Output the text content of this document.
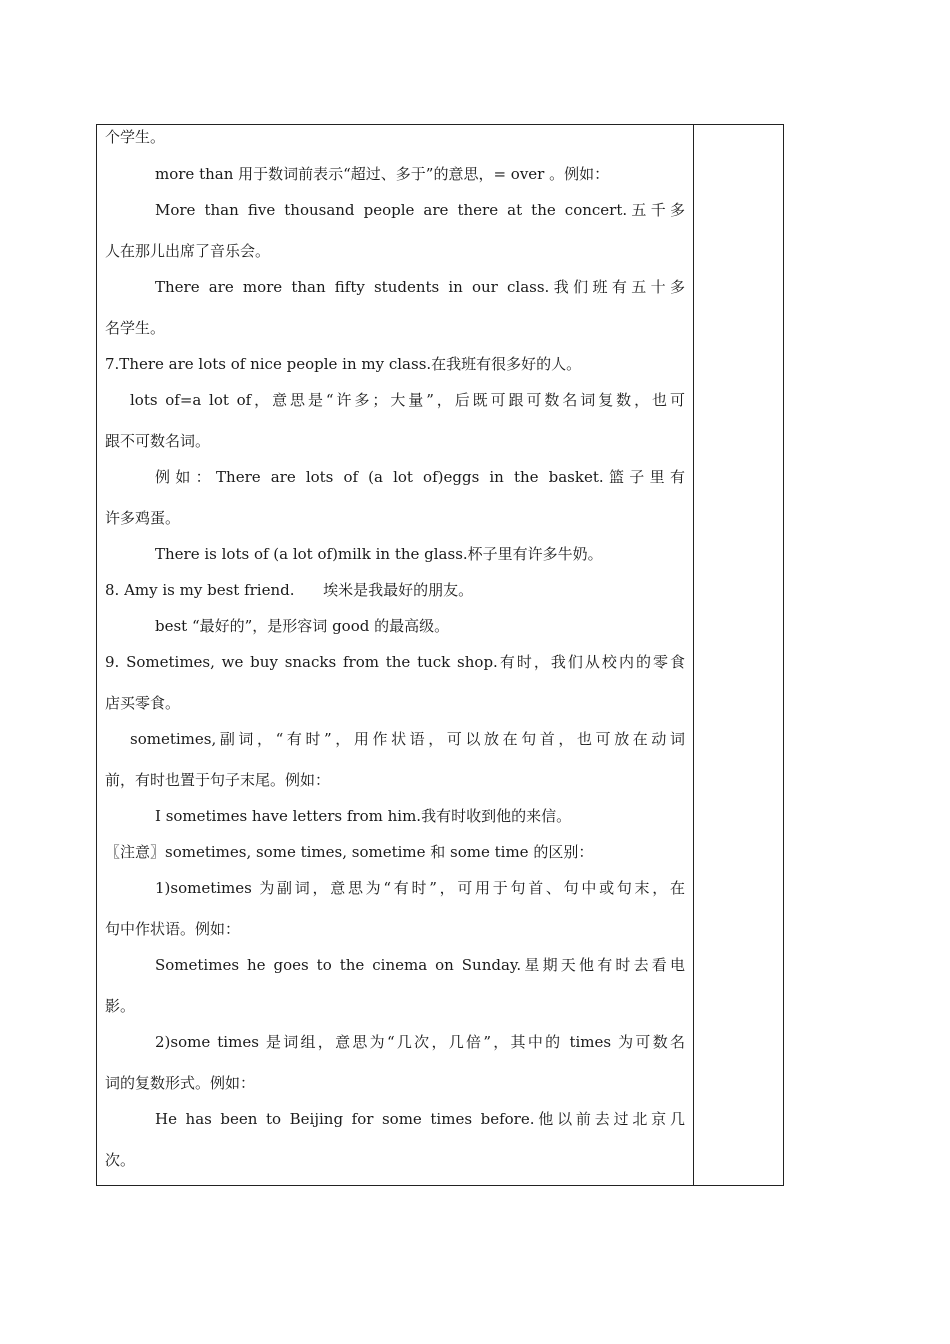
个学生。
more than 用于数词前表示“超过、多于”的意思，= over 。例如：
More than five thousand people are there at the concert.五千多
人在那儿出席了音乐会。
There are more than fifty students in our class.我们班有五十多
名学生。
7.There are lots of nice people in my class.在我班有很多好的人。
lots of=a lot of，意思是“许多；大量”，后既可跟可数名词复数，也可
跟不可数名词。
例如：There are lots of (a lot of)eggs in the basket.篮子里有
许多鸡蛋。
There is lots of (a lot of)milk in the glass.杯子里有许多牛奶。
8. Amy is my best friend.      埃米是我最好的朋友。
best “最好的”，是形容词 good 的最高级。
9. Sometimes, we buy snacks from the tuck shop.有时，我们从校内的零食
店买零食。
sometimes,副词，“有时”，用作状语，可以放在句首，也可放在动词
前，有时也置于句子末尾。例如：
I sometimes have letters from him.我有时收到他的来信。
〖注意〗sometimes, some times, sometime 和 some time 的区别：
1)sometimes 为副词，意思为“有时”，可用于句首、句中或句末，在
句中作状语。例如：
Sometimes he goes to the cinema on Sunday.星期天他有时去看电
影。
2)some times 是词组，意思为“几次，几倍”，其中的 times 为可数名
词的复数形式。例如：
He has been to Beijing for some times before.他以前去过北京几
次。
